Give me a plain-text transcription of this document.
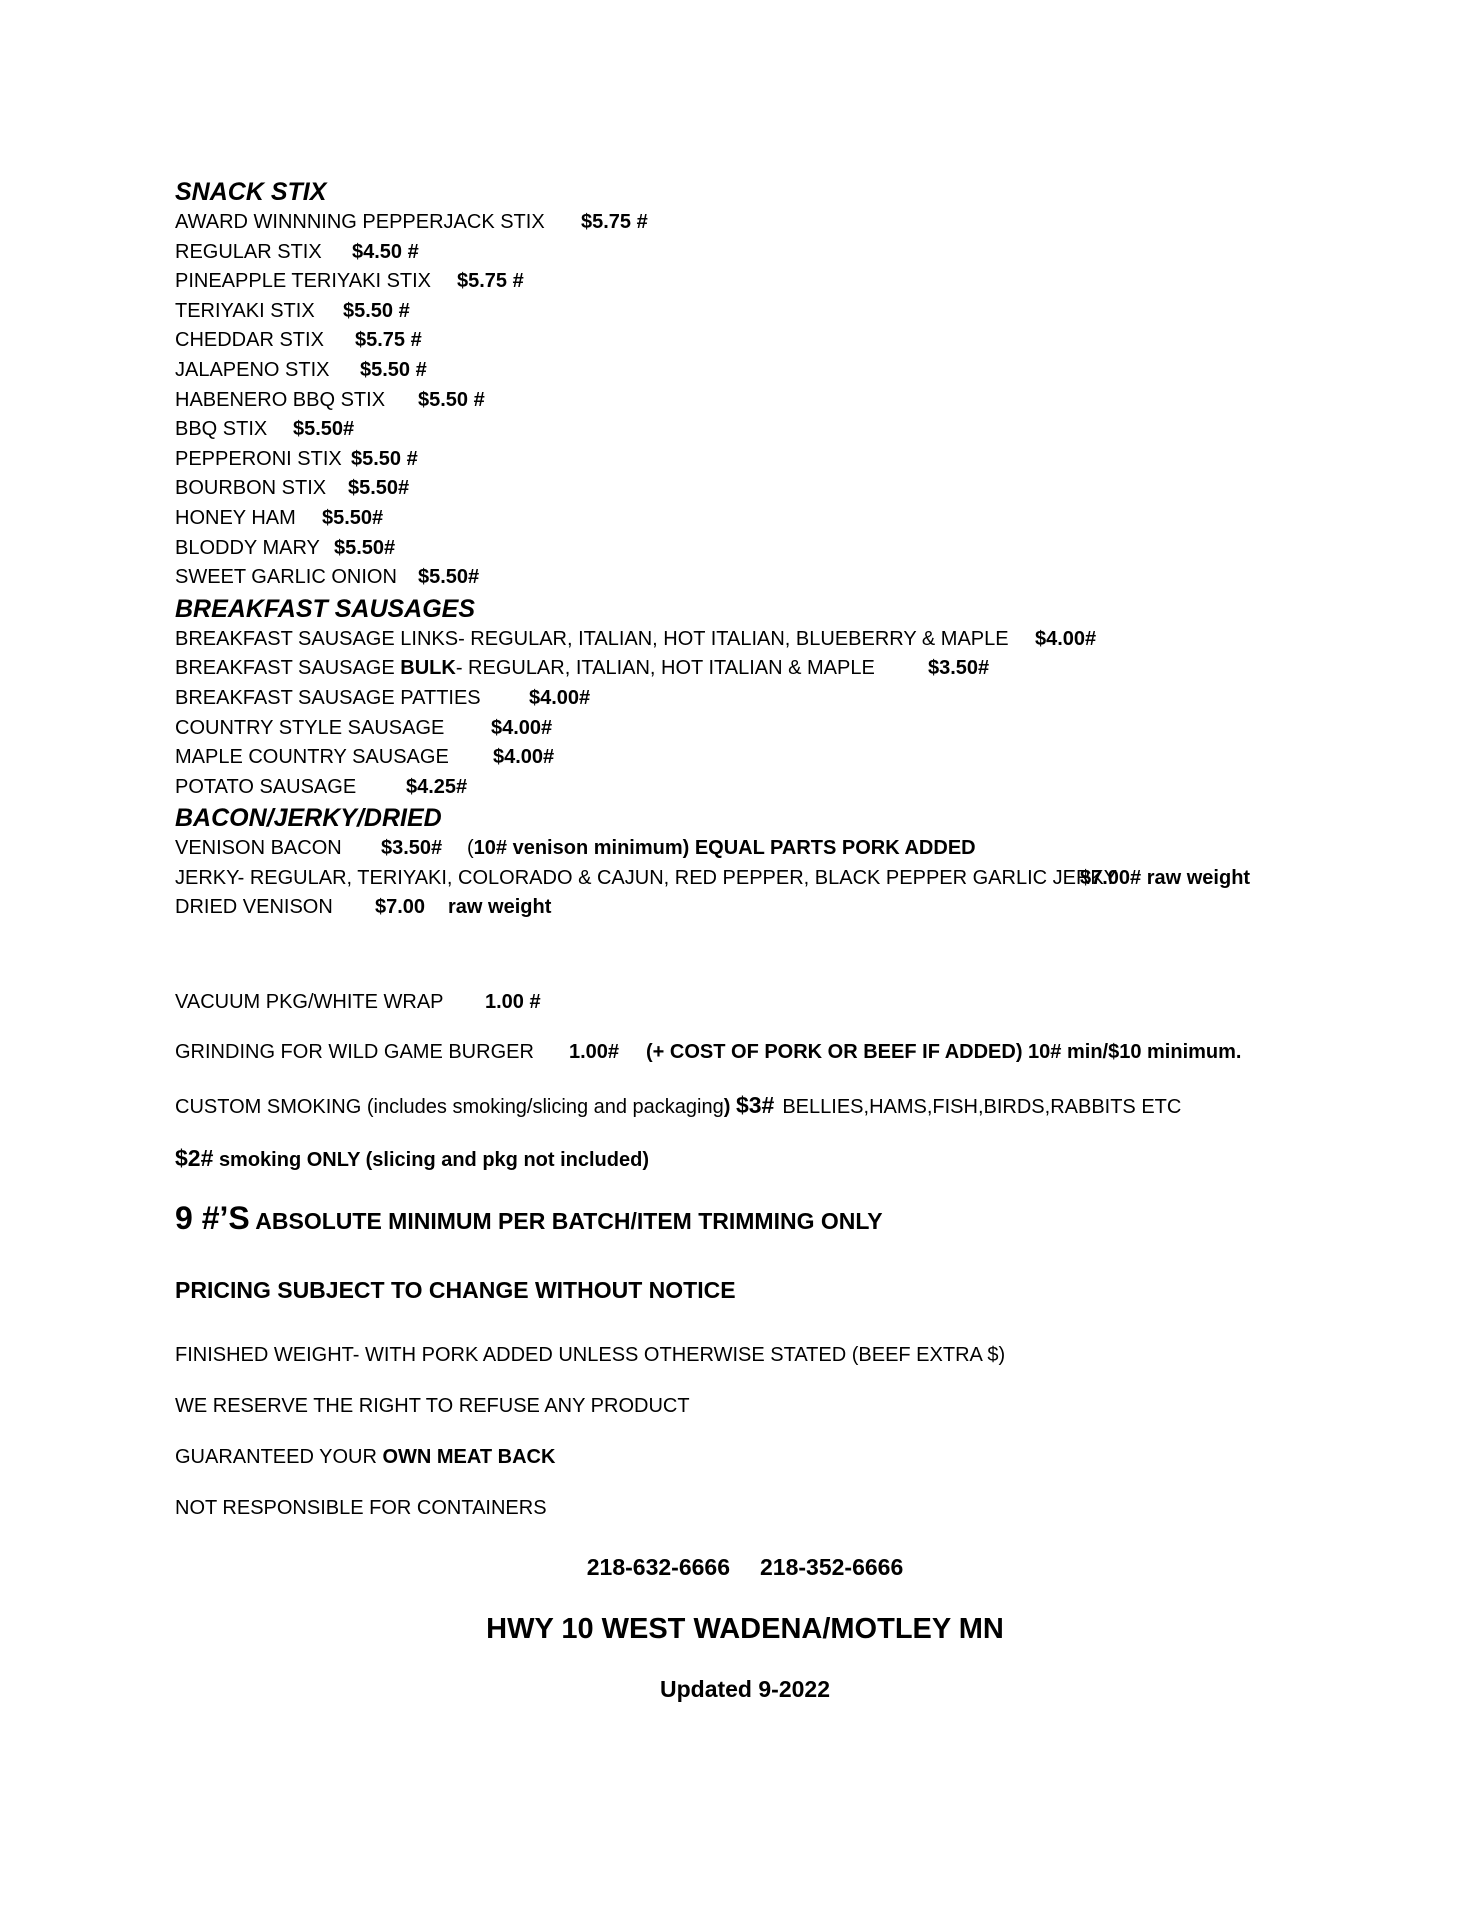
SNACK STIX

AWARD WINNNING PEPPERJACK STIX $5.75 #
REGULAR STIX $4.50 #
PINEAPPLE TERIYAKI STIX $5.75 #
TERIYAKI STIX $5.50 #
CHEDDAR STIX $5.75 #
JALAPENO STIX $5.50 #
HABENERO BBQ STIX $5.50 #
BBQ STIX $5.50#
PEPPERONI STIX $5.50 #
BOURBON STIX $5.50#
HONEY HAM $5.50#
BLODDY MARY $5.50#
SWEET GARLIC ONION $5.50#

BREAKFAST SAUSAGES

BREAKFAST SAUSAGE LINKS- REGULAR, ITALIAN, HOT ITALIAN, BLUEBERRY & MAPLE $4.00#
BREAKFAST SAUSAGE BULK- REGULAR, ITALIAN, HOT ITALIAN & MAPLE	$3.50#
BREAKFAST SAUSAGE PATTIES $4.00#
COUNTRY STYLE SAUSAGE $4.00#
MAPLE COUNTRY SAUSAGE $4.00#
POTATO SAUSAGE $4.25#

BACON/JERKY/DRIED

VENISON BACON $3.50# (10# venison minimum) EQUAL PARTS PORK ADDED
JERKY- REGULAR, TERIYAKI, COLORADO & CAJUN, RED PEPPER, BLACK PEPPER GARLIC JERKY$7.00# raw weight
DRIED VENISON $7.00 raw weight
VACUUM PKG/WHITE WRAP 1.00 #
GRINDING FOR WILD GAME BURGER 1.00# (+ COST OF PORK OR BEEF IF ADDED) 10# min/$10 minimum.
CUSTOM SMOKING (includes smoking/slicing and packaging) $3# BELLIES,HAMS,FISH,BIRDS,RABBITS ETC
$2# smoking ONLY (slicing and pkg not included)
9 #’S ABSOLUTE MINIMUM PER BATCH/ITEM TRIMMING ONLY
PRICING SUBJECT TO CHANGE WITHOUT NOTICE
FINISHED WEIGHT- WITH PORK ADDED UNLESS OTHERWISE STATED (BEEF EXTRA $)
WE RESERVE THE RIGHT TO REFUSE ANY PRODUCT
GUARANTEED YOUR OWN MEAT BACK
NOT RESPONSIBLE FOR CONTAINERS
218-632-6666 218-352-6666
HWY 10 WEST WADENA/MOTLEY MN
Updated 9-2022
